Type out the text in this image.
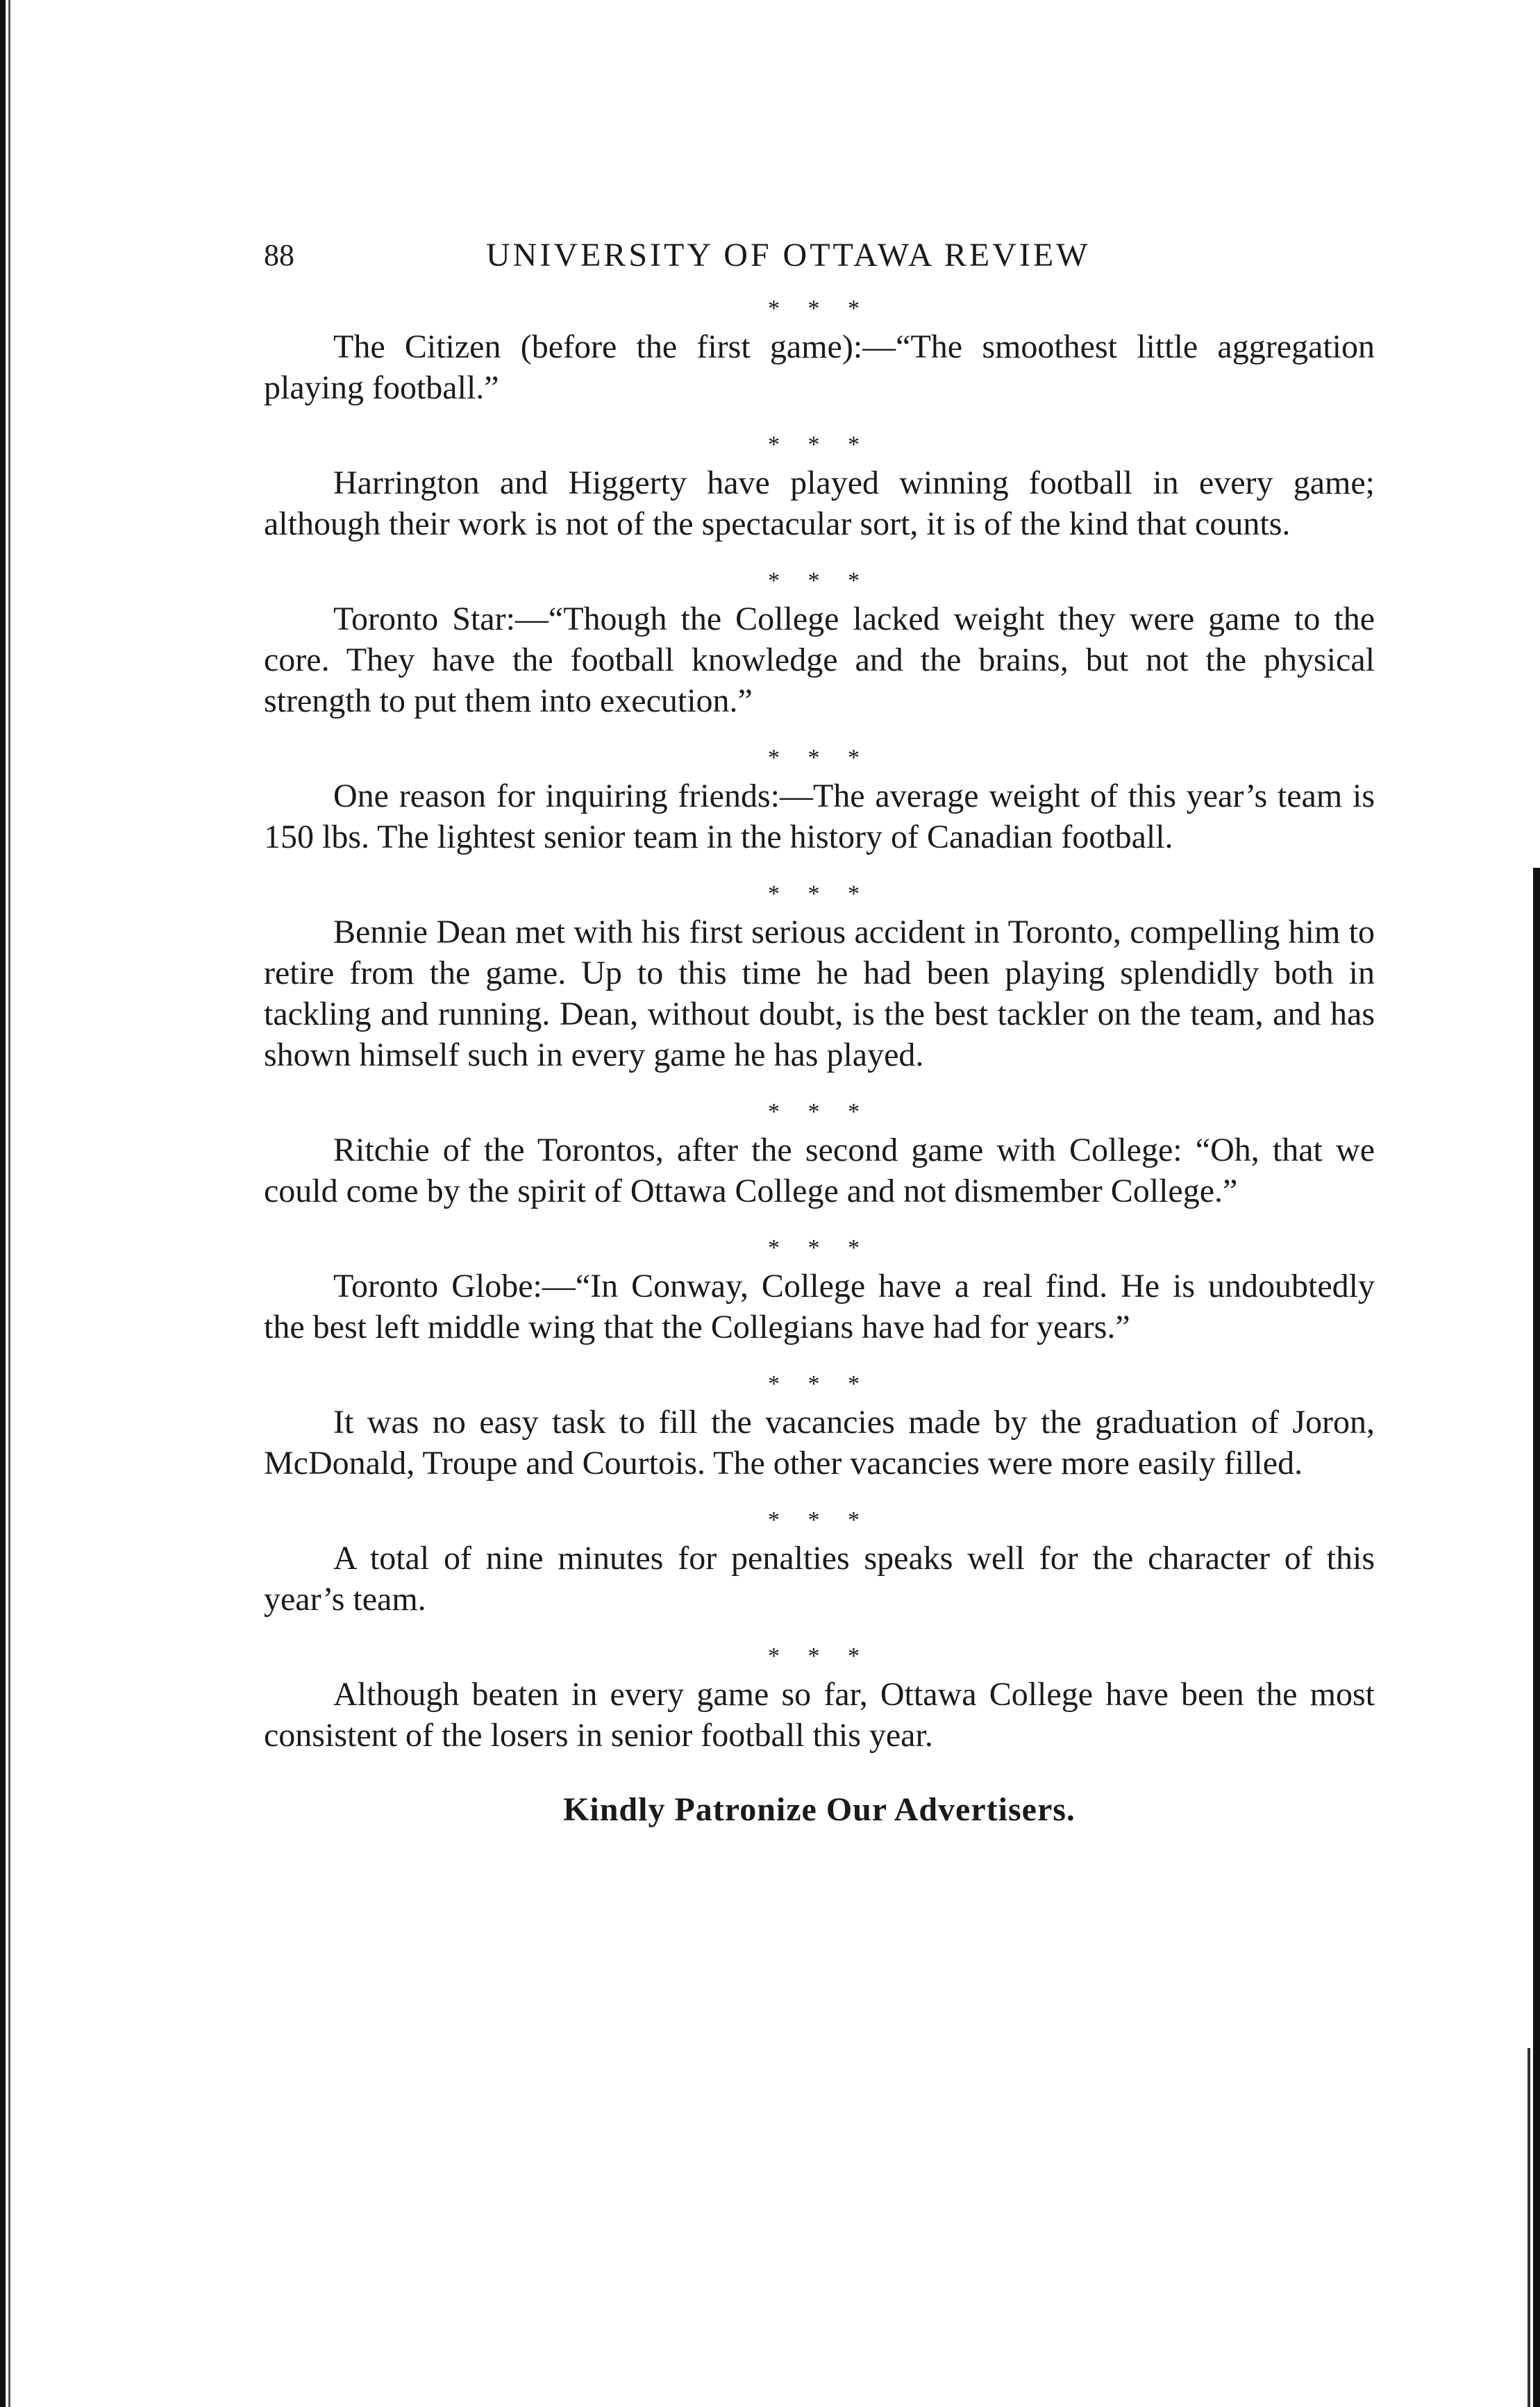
88	UNIVERSITY OF OTTAWA REVIEW
* * *

The Citizen (before the first game):—“The smoothest little aggregation playing football.”

* * *

Harrington and Higgerty have played winning football in every game; although their work is not of the spectacular sort, it is of the kind that counts.

* * *

Toronto Star:—“Though the College lacked weight they were game to the core. They have the football knowledge and the brains, but not the physical strength to put them into execution.”

* * *

One reason for inquiring friends:—The average weight of this year’s team is 150 lbs. The lightest senior team in the history of Canadian football.

* * *

Bennie Dean met with his first serious accident in Toronto, compelling him to retire from the game. Up to this time he had been playing splendidly both in tackling and running. Dean, without doubt, is the best tackler on the team, and has shown himself such in every game he has played.

* * *

Ritchie of the Torontos, after the second game with College: “Oh, that we could come by the spirit of Ottawa College and not dismember College.”

* * *

Toronto Globe:—“In Conway, College have a real find. He is undoubtedly the best left middle wing that the Collegians have had for years.”

* * *

It was no easy task to fill the vacancies made by the graduation of Joron, McDonald, Troupe and Courtois. The other vacancies were more easily filled.

* * *

A total of nine minutes for penalties speaks well for the character of this year’s team.

* * *

Although beaten in every game so far, Ottawa College have been the most consistent of the losers in senior football this year.

Kindly Patronize Our Advertisers.
